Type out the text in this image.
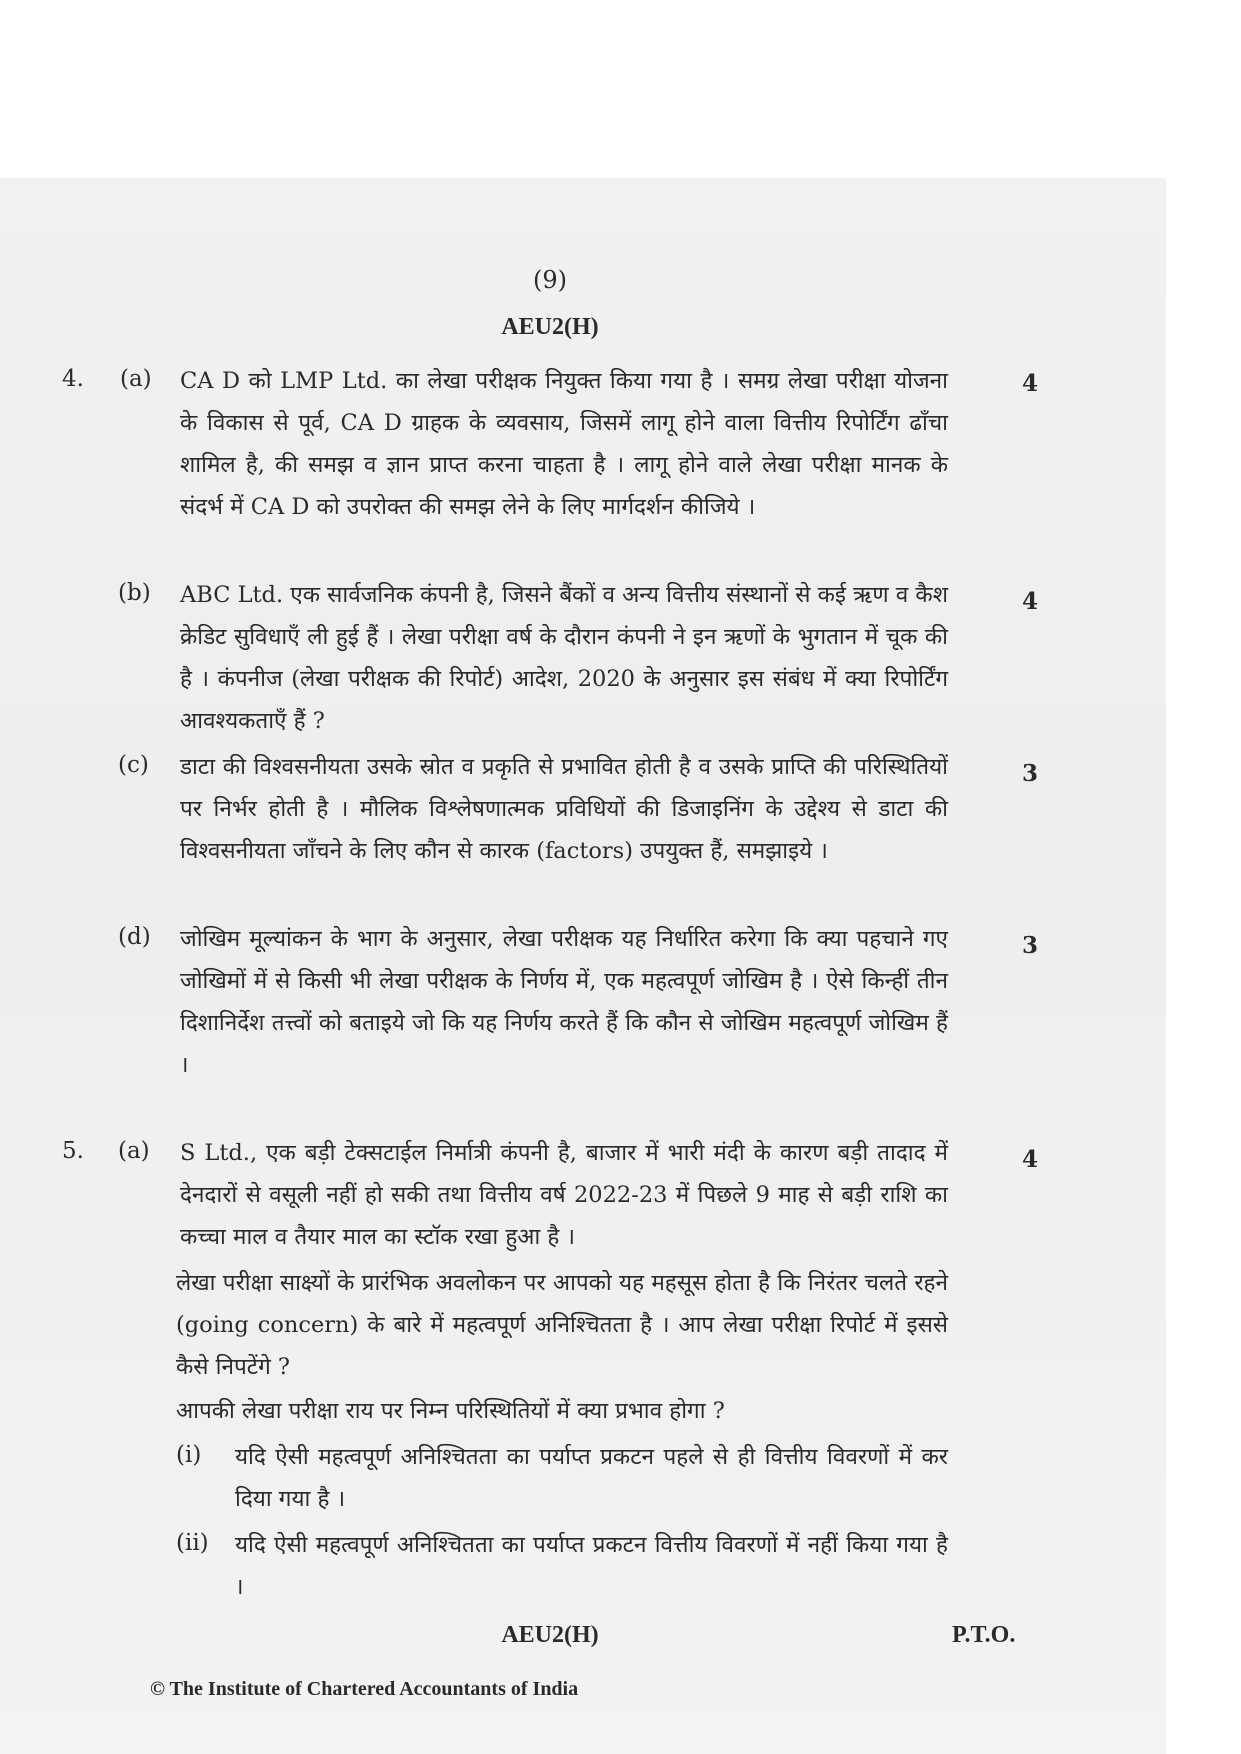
(9)
AEU2(H)
4. (a) CA D को LMP Ltd. का लेखा परीक्षक नियुक्त किया गया है । समग्र लेखा परीक्षा योजना के विकास से पूर्व, CA D ग्राहक के व्यवसाय, जिसमें लागू होने वाला वित्तीय रिपोर्टिंग ढाँचा शामिल है, की समझ व ज्ञान प्राप्त करना चाहता है । लागू होने वाले लेखा परीक्षा मानक के संदर्भ में CA D को उपरोक्त की समझ लेने के लिए मार्गदर्शन कीजिये ।
4
(b) ABC Ltd. एक सार्वजनिक कंपनी है, जिसने बैंकों व अन्य वित्तीय संस्थानों से कई ऋण व कैश क्रेडिट सुविधाएँ ली हुई हैं । लेखा परीक्षा वर्ष के दौरान कंपनी ने इन ऋणों के भुगतान में चूक की है । कंपनीज (लेखा परीक्षक की रिपोर्ट) आदेश, 2020 के अनुसार इस संबंध में क्या रिपोर्टिंग आवश्यकताएँ हैं ?
4
(c) डाटा की विश्वसनीयता उसके स्रोत व प्रकृति से प्रभावित होती है व उसके प्राप्ति की परिस्थितियों पर निर्भर होती है । मौलिक विश्लेषणात्मक प्रविधियों की डिजाइनिंग के उद्देश्य से डाटा की विश्वसनीयता जाँचने के लिए कौन से कारक (factors) उपयुक्त हैं, समझाइये ।
3
(d) जोखिम मूल्यांकन के भाग के अनुसार, लेखा परीक्षक यह निर्धारित करेगा कि क्या पहचाने गए जोखिमों में से किसी भी लेखा परीक्षक के निर्णय में, एक महत्वपूर्ण जोखिम है । ऐसे किन्हीं तीन दिशानिर्देश तत्त्वों को बताइये जो कि यह निर्णय करते हैं कि कौन से जोखिम महत्वपूर्ण जोखिम हैं ।
3
5. (a) S Ltd., एक बड़ी टेक्सटाईल निर्मात्री कंपनी है, बाजार में भारी मंदी के कारण बड़ी तादाद में देनदारों से वसूली नहीं हो सकी तथा वित्तीय वर्ष 2022-23 में पिछले 9 माह से बड़ी राशि का कच्चा माल व तैयार माल का स्टॉक रखा हुआ है ।
4
लेखा परीक्षा साक्ष्यों के प्रारंभिक अवलोकन पर आपको यह महसूस होता है कि निरंतर चलते रहने (going concern) के बारे में महत्वपूर्ण अनिश्चितता है । आप लेखा परीक्षा रिपोर्ट में इससे कैसे निपटेंगे ?
आपकी लेखा परीक्षा राय पर निम्न परिस्थितियों में क्या प्रभाव होगा ?
(i) यदि ऐसी महत्वपूर्ण अनिश्चितता का पर्याप्त प्रकटन पहले से ही वित्तीय विवरणों में कर दिया गया है ।
(ii) यदि ऐसी महत्वपूर्ण अनिश्चितता का पर्याप्त प्रकटन वित्तीय विवरणों में नहीं किया गया है ।
AEU2(H)	P.T.O.
© The Institute of Chartered Accountants of India
